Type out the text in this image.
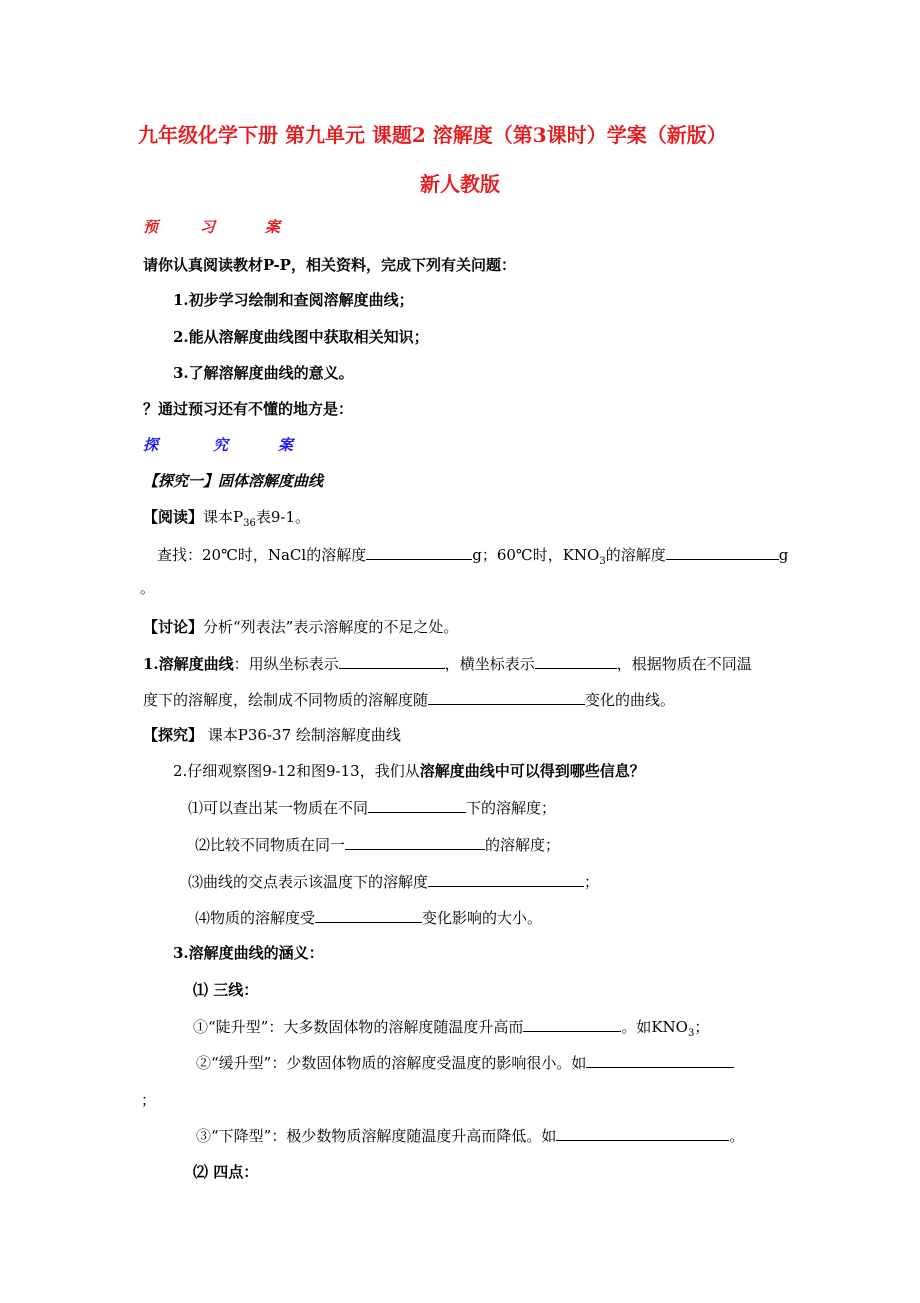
九年级化学下册 第九单元 课题2 溶解度（第3课时）学案（新版）
新人教版
预	习	案
请你认真阅读教材P-P，相关资料，完成下列有关问题：
1.初步学习绘制和查阅溶解度曲线；
2.能从溶解度曲线图中获取相关知识；
3.了解溶解度曲线的意义。
？通过预习还有不懂的地方是：
探	究	案
【探究一】固体溶解度曲线
【阅读】课本$P_{36}$表9-1。
查找：20℃时，NaCl的溶解度	g；60℃时，$KNO_3$的溶解度	g
。
【讨论】分析“列表法”表示溶解度的不足之处。
1.溶解度曲线：用纵坐标表示	，横坐标表示	，根据物质在不同温
度下的溶解度，绘制成不同物质的溶解度随	变化的曲线。
【探究】 课本P36-37 绘制溶解度曲线
2.仔细观察图9-12和图9-13，我们从溶解度曲线中可以得到哪些信息？
⑴可以查出某一物质在不同	下的溶解度；
⑵比较不同物质在同一	的溶解度；
⑶曲线的交点表示该温度下的溶解度	；
⑷物质的溶解度受	变化影响的大小。
3.溶解度曲线的涵义：
⑴ 三线：
①“陡升型”：大多数固体物的溶解度随温度升高而	。如$KNO_3$；
②“缓升型”：少数固体物质的溶解度受温度的影响很小。如
；
③“下降型”：极少数物质溶解度随温度升高而降低。如	。
⑵ 四点：
